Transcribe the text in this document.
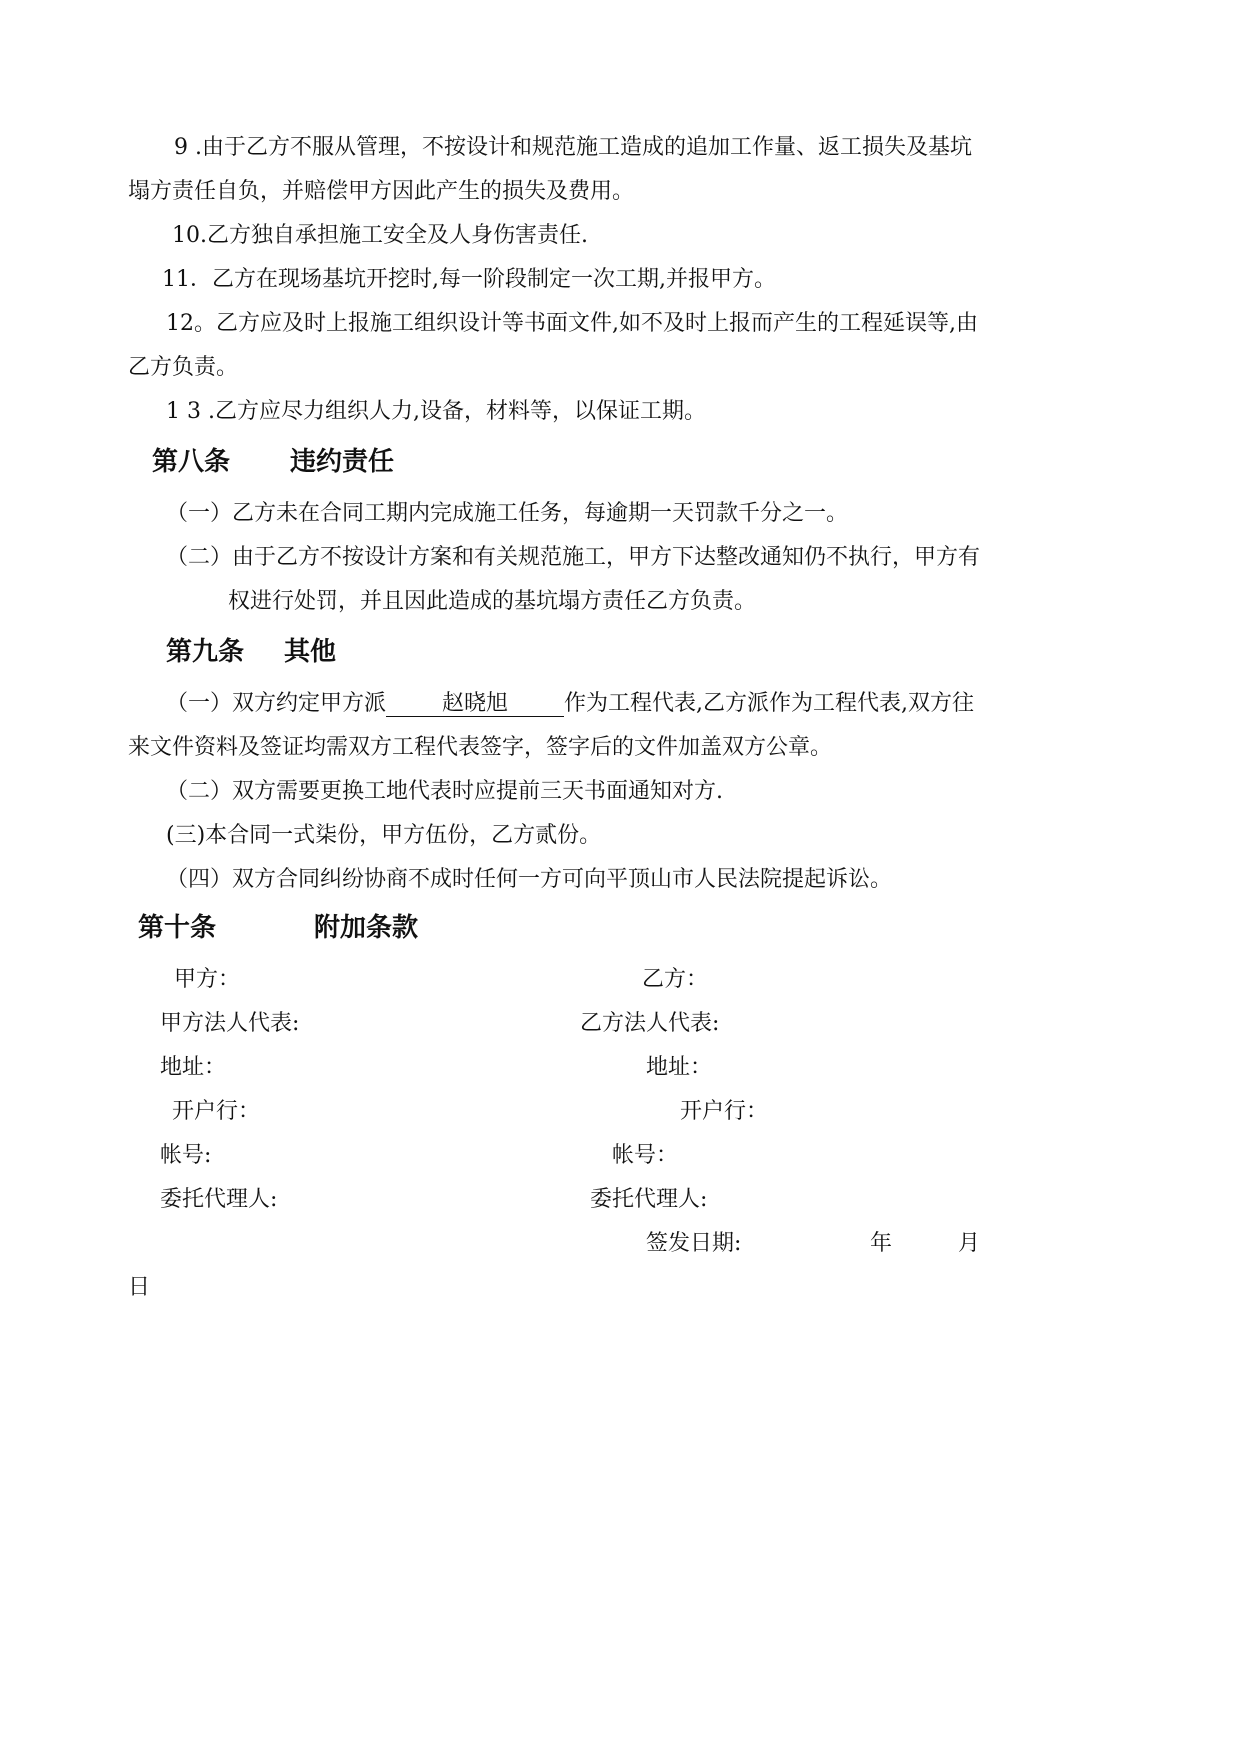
9 .由于乙方不服从管理，不按设计和规范施工造成的追加工作量、返工损失及基坑
塌方责任自负，并赔偿甲方因此产生的损失及费用。
10.乙方独自承担施工安全及人身伤害责任.
11．乙方在现场基坑开挖时,每一阶段制定一次工期,并报甲方。
12。乙方应及时上报施工组织设计等书面文件,如不及时上报而产生的工程延误等,由
乙方负责。
1 3 .乙方应尽力组织人力,设备，材料等，以保证工期。
第八条 违约责任
（一）乙方未在合同工期内完成施工任务，每逾期一天罚款千分之一。
（二）由于乙方不按设计方案和有关规范施工，甲方下达整改通知仍不执行，甲方有
权进行处罚，并且因此造成的基坑塌方责任乙方负责。
第九条 其他
（一）双方约定甲方派	赵晓旭	作为工程代表,乙方派作为工程代表,双方往
来文件资料及签证均需双方工程代表签字，签字后的文件加盖双方公章。
（二）双方需要更换工地代表时应提前三天书面通知对方.
(三)本合同一式柒份，甲方伍份，乙方贰份。
（四）双方合同纠纷协商不成时任何一方可向平顶山市人民法院提起诉讼。
第十条	附加条款
甲方：	乙方：
甲方法人代表:	乙方法人代表:
地址：	地址：
开户行：	开户行：
帐号:	帐号：
委托代理人:	委托代理人:
签发日期:	年	月
日
